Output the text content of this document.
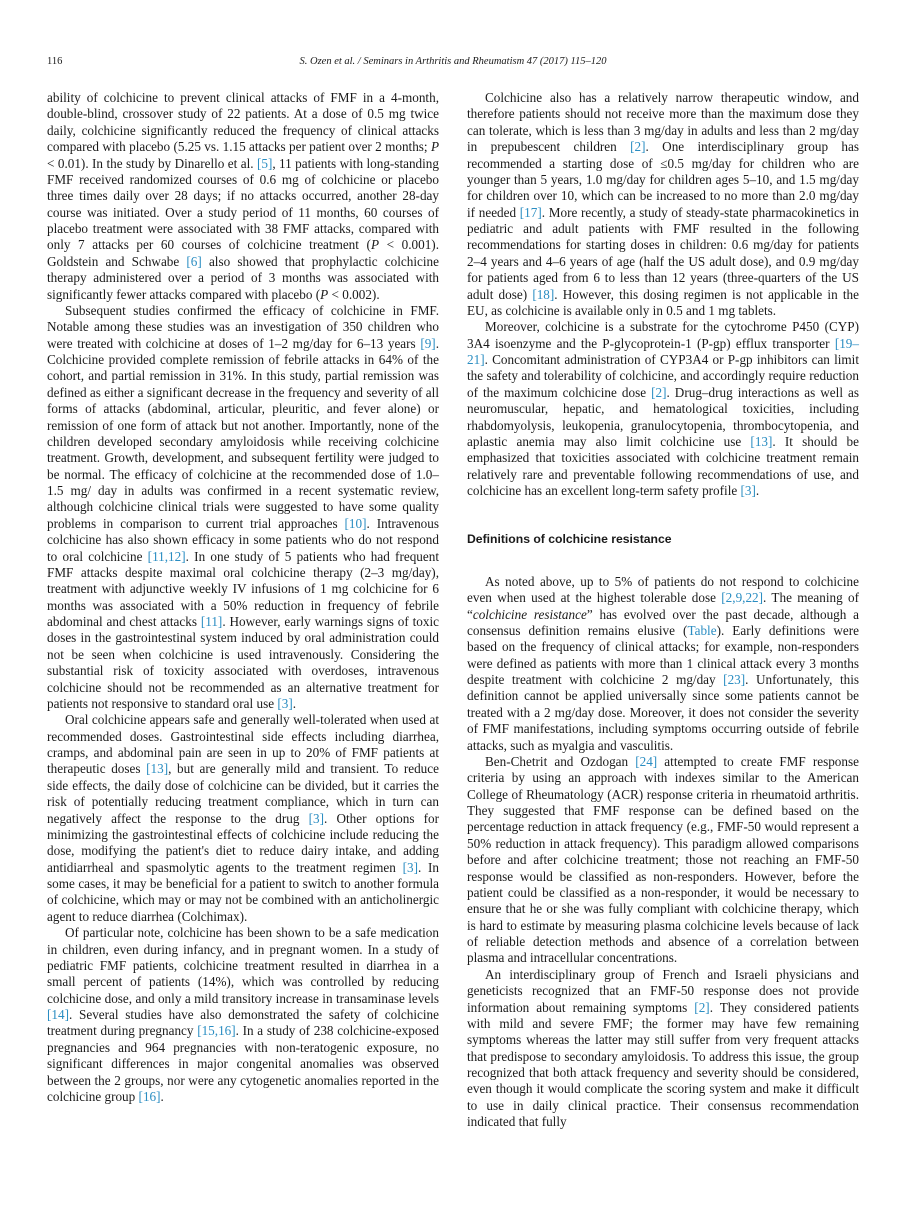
116	S. Ozen et al. / Seminars in Arthritis and Rheumatism 47 (2017) 115–120

ability of colchicine to prevent clinical attacks of FMF in a 4-month, double-blind, crossover study of 22 patients. At a dose of 0.5 mg twice daily, colchicine significantly reduced the frequency of clinical attacks compared with placebo (5.25 vs. 1.15 attacks per patient over 2 months; P < 0.01). In the study by Dinarello et al. [5], 11 patients with long-standing FMF received randomized courses of 0.6 mg of colchicine or placebo three times daily over 28 days; if no attacks occurred, another 28-day course was initiated. Over a study period of 11 months, 60 courses of placebo treatment were associated with 38 FMF attacks, compared with only 7 attacks per 60 courses of colchicine treatment (P < 0.001). Goldstein and Schwabe [6] also showed that prophylactic colchicine therapy administered over a period of 3 months was associated with significantly fewer attacks compared with placebo (P < 0.002).

Subsequent studies confirmed the efficacy of colchicine in FMF. Notable among these studies was an investigation of 350 children who were treated with colchicine at doses of 1–2 mg/day for 6–13 years [9]. Colchicine provided complete remission of febrile attacks in 64% of the cohort, and partial remission in 31%. In this study, partial remission was defined as either a significant decrease in the frequency and severity of all forms of attacks (abdominal, articular, pleuritic, and fever alone) or remission of one form of attack but not another. Importantly, none of the children developed secondary amyloidosis while receiving colchicine treatment. Growth, development, and subsequent fertility were judged to be normal. The efficacy of colchicine at the recommended dose of 1.0–1.5 mg/ day in adults was confirmed in a recent systematic review, although colchicine clinical trials were suggested to have some quality problems in comparison to current trial approaches [10]. Intravenous colchicine has also shown efficacy in some patients who do not respond to oral colchicine [11,12]. In one study of 5 patients who had frequent FMF attacks despite maximal oral colchicine therapy (2–3 mg/day), treatment with adjunctive weekly IV infusions of 1 mg colchicine for 6 months was associated with a 50% reduction in frequency of febrile abdominal and chest attacks [11]. However, early warnings signs of toxic doses in the gastrointestinal system induced by oral administration could not be seen when colchicine is used intravenously. Considering the substantial risk of toxicity associated with overdoses, intravenous colchicine should not be recommended as an alternative treatment for patients not responsive to standard oral use [3].

Oral colchicine appears safe and generally well-tolerated when used at recommended doses. Gastrointestinal side effects including diarrhea, cramps, and abdominal pain are seen in up to 20% of FMF patients at therapeutic doses [13], but are generally mild and transient. To reduce side effects, the daily dose of colchicine can be divided, but it carries the risk of potentially reducing treatment compliance, which in turn can negatively affect the response to the drug [3]. Other options for minimizing the gastrointestinal effects of colchicine include reducing the dose, modifying the patient's diet to reduce dairy intake, and adding antidiarrheal and spasmolytic agents to the treatment regimen [3]. In some cases, it may be beneficial for a patient to switch to another formula of colchicine, which may or may not be combined with an anticholinergic agent to reduce diarrhea (Colchimax).

Of particular note, colchicine has been shown to be a safe medication in children, even during infancy, and in pregnant women. In a study of pediatric FMF patients, colchicine treatment resulted in diarrhea in a small percent of patients (14%), which was controlled by reducing colchicine dose, and only a mild transitory increase in transaminase levels [14]. Several studies have also demonstrated the safety of colchicine treatment during pregnancy [15,16]. In a study of 238 colchicine-exposed pregnancies and 964 pregnancies with non-teratogenic exposure, no significant differences in major congenital anomalies was observed between the 2 groups, nor were any cytogenetic anomalies reported in the colchicine group [16].

Colchicine also has a relatively narrow therapeutic window, and therefore patients should not receive more than the maximum dose they can tolerate, which is less than 3 mg/day in adults and less than 2 mg/day in prepubescent children [2]. One interdisciplinary group has recommended a starting dose of ≤0.5 mg/day for children who are younger than 5 years, 1.0 mg/day for children ages 5–10, and 1.5 mg/day for children over 10, which can be increased to no more than 2.0 mg/day if needed [17]. More recently, a study of steady-state pharmacokinetics in pediatric and adult patients with FMF resulted in the following recommendations for starting doses in children: 0.6 mg/day for patients 2–4 years and 4–6 years of age (half the US adult dose), and 0.9 mg/day for patients aged from 6 to less than 12 years (three-quarters of the US adult dose) [18]. However, this dosing regimen is not applicable in the EU, as colchicine is available only in 0.5 and 1 mg tablets.

Moreover, colchicine is a substrate for the cytochrome P450 (CYP) 3A4 isoenzyme and the P-glycoprotein-1 (P-gp) efflux transporter [19–21]. Concomitant administration of CYP3A4 or P-gp inhibitors can limit the safety and tolerability of colchicine, and accordingly require reduction of the maximum colchicine dose [2]. Drug–drug interactions as well as neuromuscular, hepatic, and hematological toxicities, including rhabdomyolysis, leukopenia, granulocytopenia, thrombocytopenia, and aplastic anemia may also limit colchicine use [13]. It should be emphasized that toxicities associated with colchicine treatment remain relatively rare and preventable following recommendations of use, and colchicine has an excellent long-term safety profile [3].

Definitions of colchicine resistance

As noted above, up to 5% of patients do not respond to colchicine even when used at the highest tolerable dose [2,9,22]. The meaning of “colchicine resistance” has evolved over the past decade, although a consensus definition remains elusive (Table). Early definitions were based on the frequency of clinical attacks; for example, non-responders were defined as patients with more than 1 clinical attack every 3 months despite treatment with colchicine 2 mg/day [23]. Unfortunately, this definition cannot be applied universally since some patients cannot be treated with a 2 mg/day dose. Moreover, it does not consider the severity of FMF manifestations, including symptoms occurring outside of febrile attacks, such as myalgia and vasculitis.

Ben-Chetrit and Ozdogan [24] attempted to create FMF response criteria by using an approach with indexes similar to the American College of Rheumatology (ACR) response criteria in rheumatoid arthritis. They suggested that FMF response can be defined based on the percentage reduction in attack frequency (e.g., FMF-50 would represent a 50% reduction in attack frequency). This paradigm allowed comparisons before and after colchicine treatment; those not reaching an FMF-50 response would be classified as non-responders. However, before the patient could be classified as a non-responder, it would be necessary to ensure that he or she was fully compliant with colchicine therapy, which is hard to estimate by measuring plasma colchicine levels because of lack of reliable detection methods and absence of a correlation between plasma and intracellular concentrations.

An interdisciplinary group of French and Israeli physicians and geneticists recognized that an FMF-50 response does not provide information about remaining symptoms [2]. They considered patients with mild and severe FMF; the former may have few remaining symptoms whereas the latter may still suffer from very frequent attacks that predispose to secondary amyloidosis. To address this issue, the group recognized that both attack frequency and severity should be considered, even though it would complicate the scoring system and make it difficult to use in daily clinical practice. Their consensus recommendation indicated that fully
